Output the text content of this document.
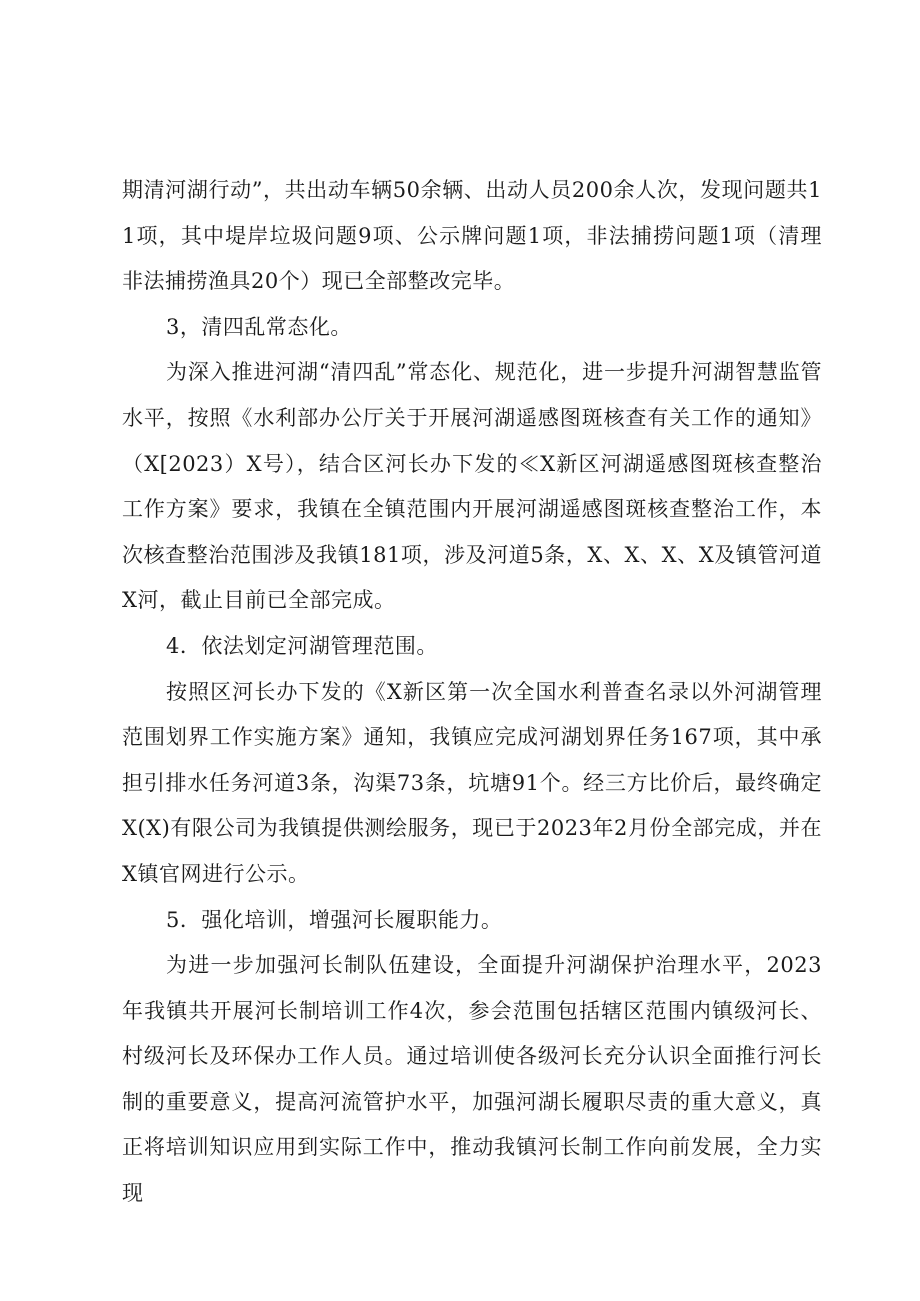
期清河湖行动”，共出动车辆50余辆、出动人员200余人次，发现问题共11项，其中堤岸垃圾问题9项、公示牌问题1项，非法捕捞问题1项（清理非法捕捞渔具20个）现已全部整改完毕。

3，清四乱常态化。

为深入推进河湖“清四乱”常态化、规范化，进一步提升河湖智慧监管水平，按照《水利部办公厅关于开展河湖遥感图斑核查有关工作的通知》（X[2023）X号），结合区河长办下发的≪X新区河湖遥感图斑核查整治工作方案》要求，我镇在全镇范围内开展河湖遥感图斑核查整治工作，本次核查整治范围涉及我镇181项，涉及河道5条，X、X、X、X及镇管河道X河，截止目前已全部完成。

4．依法划定河湖管理范围。

按照区河长办下发的《X新区第一次全国水利普查名录以外河湖管理范围划界工作实施方案》通知，我镇应完成河湖划界任务167项，其中承担引排水任务河道3条，沟渠73条，坑塘91个。经三方比价后，最终确定X(X)有限公司为我镇提供测绘服务，现已于2023年2月份全部完成，并在X镇官网进行公示。

5．强化培训，增强河长履职能力。

为进一步加强河长制队伍建设，全面提升河湖保护治理水平，2023年我镇共开展河长制培训工作4次，参会范围包括辖区范围内镇级河长、村级河长及环保办工作人员。通过培训使各级河长充分认识全面推行河长制的重要意义，提高河流管护水平，加强河湖长履职尽责的重大意义，真正将培训知识应用到实际工作中，推动我镇河长制工作向前发展，全力实现
